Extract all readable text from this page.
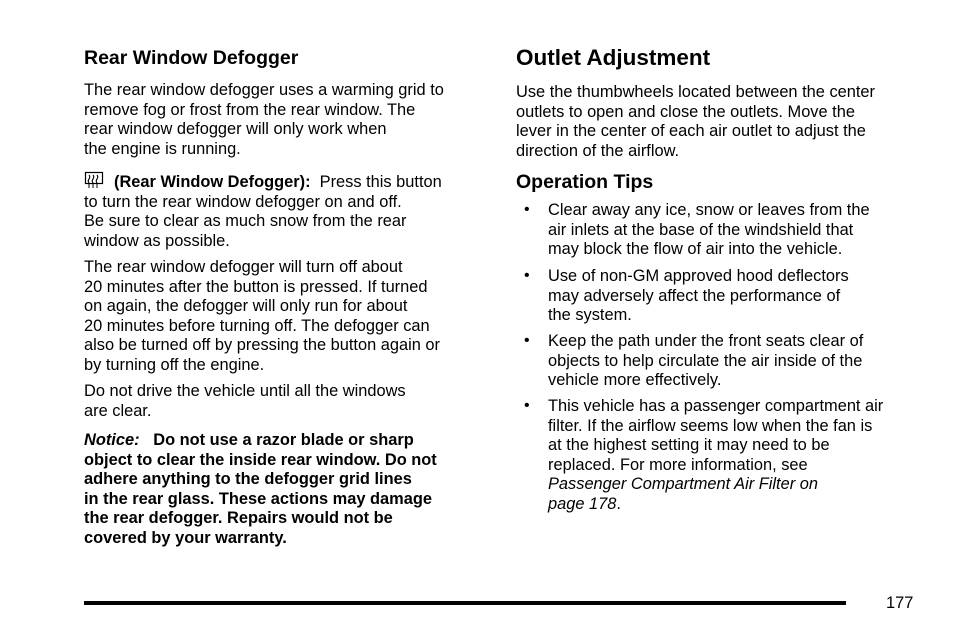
Rear Window Defogger

The rear window defogger uses a warming grid to

remove fog or frost from the rear window. The

rear window defogger will only work when

the engine is running.

(Rear Window Defogger): Press this button

to turn the rear window defogger on and off.

Be sure to clear as much snow from the rear

window as possible.

The rear window defogger will turn off about

20 minutes after the button is pressed. If turned

on again, the defogger will only run for about

20 minutes before turning off. The defogger can

also be turned off by pressing the button again or

by turning off the engine.

Do not drive the vehicle until all the windows

are clear.

Notice: Do not use a razor blade or sharp

object to clear the inside rear window. Do not

adhere anything to the defogger grid lines

in the rear glass. These actions may damage

the rear defogger. Repairs would not be

covered by your warranty.

Outlet Adjustment

Use the thumbwheels located between the center

outlets to open and close the outlets. Move the

lever in the center of each air outlet to adjust the

direction of the airflow.

Operation Tips
• Clear away any ice, snow or leaves from the

air inlets at the base of the windshield that

may block the flow of air into the vehicle.

• Use of non-GM approved hood deflectors

may adversely affect the performance of

the system.

• Keep the path under the front seats clear of

objects to help circulate the air inside of the

vehicle more effectively.

• This vehicle has a passenger compartment air

filter. If the airflow seems low when the fan is

at the highest setting it may need to be

replaced. For more information, see

Passenger Compartment Air Filter on

page 178.

177
